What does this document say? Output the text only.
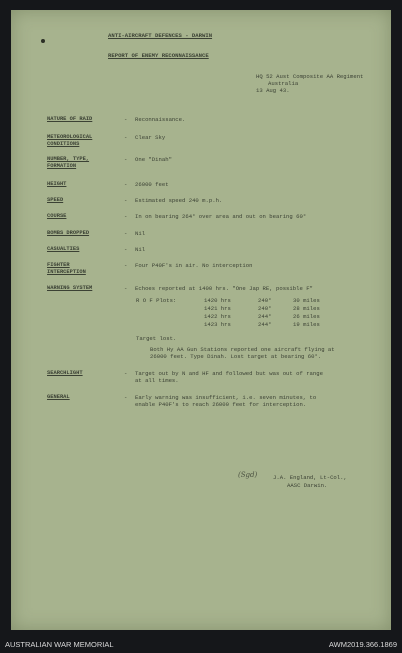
ANTI-AIRCRAFT DEFENCES - DARWIN
REPORT OF ENEMY RECONNAISSANCE
HQ 52 Aust Composite AA Regiment
Australia
13 Aug 43.
NATURE OF RAID	- Reconnaissance.
METEOROLOGICAL CONDITIONS
- Clear Sky
NUMBER, TYPE, FORMATION
- One "Dinah"
HEIGHT	- 26000 feet
SPEED	- Estimated speed 240 m.p.h.
COURSE	- In on bearing 264° over area and out on bearing 60°
BOMBS DROPPED	- Nil
CASUALTIES	- Nil
FIGHTER INTERCEPTION
- Four P40F's in air. No interception
WARNING SYSTEM	- Echoes reported at 1400 hrs. "One Jap RE, possible F"
R O F Plots:	1420 hrs	240°	30 miles
1421 hrs	240°	28 miles
1422 hrs	244°	26 miles
1423 hrs	244°	19 miles
Target lost.
Both Hy AA Gun Stations reported one aircraft flying at
26000 feet. Type Dinah. Lost target at bearing 60°.
SEARCHLIGHT	- Target out by N and HF and followed but was out of range
at all times.
GENERAL	- Early warning was insufficient, i.e. seven minutes, to
enable P40F's to reach 26000 feet for interception.
(Sgd)	J.A. England, Lt-Col.,
AASC Darwin.
AUSTRALIAN WAR MEMORIAL	AWM2019.366.1869
